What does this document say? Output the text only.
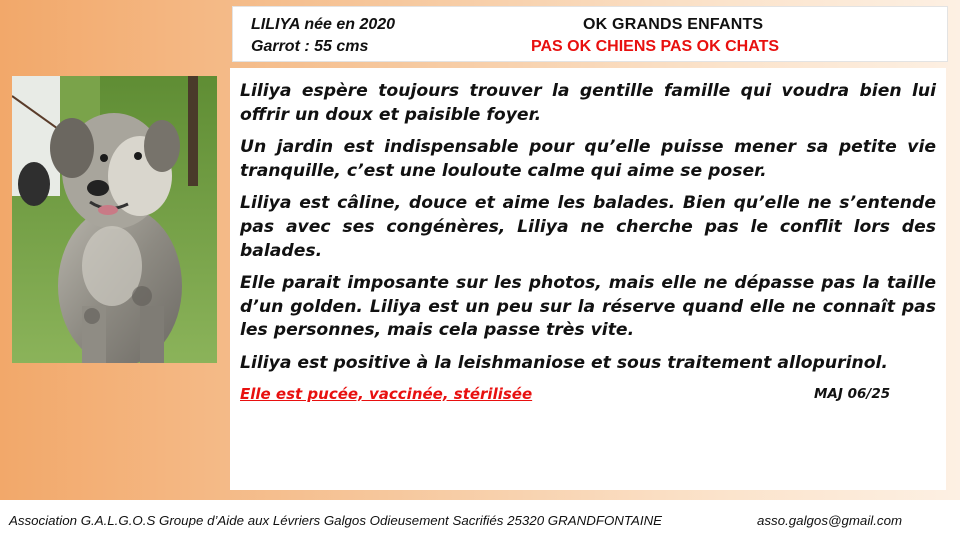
LILIYA née en 2020
Garrot : 55 cms
OK GRANDS ENFANTS
PAS OK CHIENS PAS OK CHATS

Liliya espère toujours trouver la gentille famille qui voudra bien lui offrir un doux et paisible foyer.

Un jardin est indispensable pour qu’elle puisse mener sa petite vie tranquille, c’est une louloute calme qui aime se poser.

Liliya est câline, douce et aime les balades. Bien qu’elle ne s’entende pas avec ses congénères, Liliya ne cherche pas le conflit lors des balades.

Elle parait imposante sur les photos, mais elle ne dépasse pas la taille d’un golden. Liliya est un peu sur la réserve quand elle ne connaît pas les personnes, mais cela passe très vite.

Liliya est positive à la leishmaniose et sous traitement allopurinol.

Elle est pucée, vaccinée, stérilisée	MAJ 06/25
Association G.A.L.G.O.S Groupe d’Aide aux Lévriers Galgos Odieusement Sacrifiés 25320 GRANDFONTAINE	asso.galgos@gmail.com
